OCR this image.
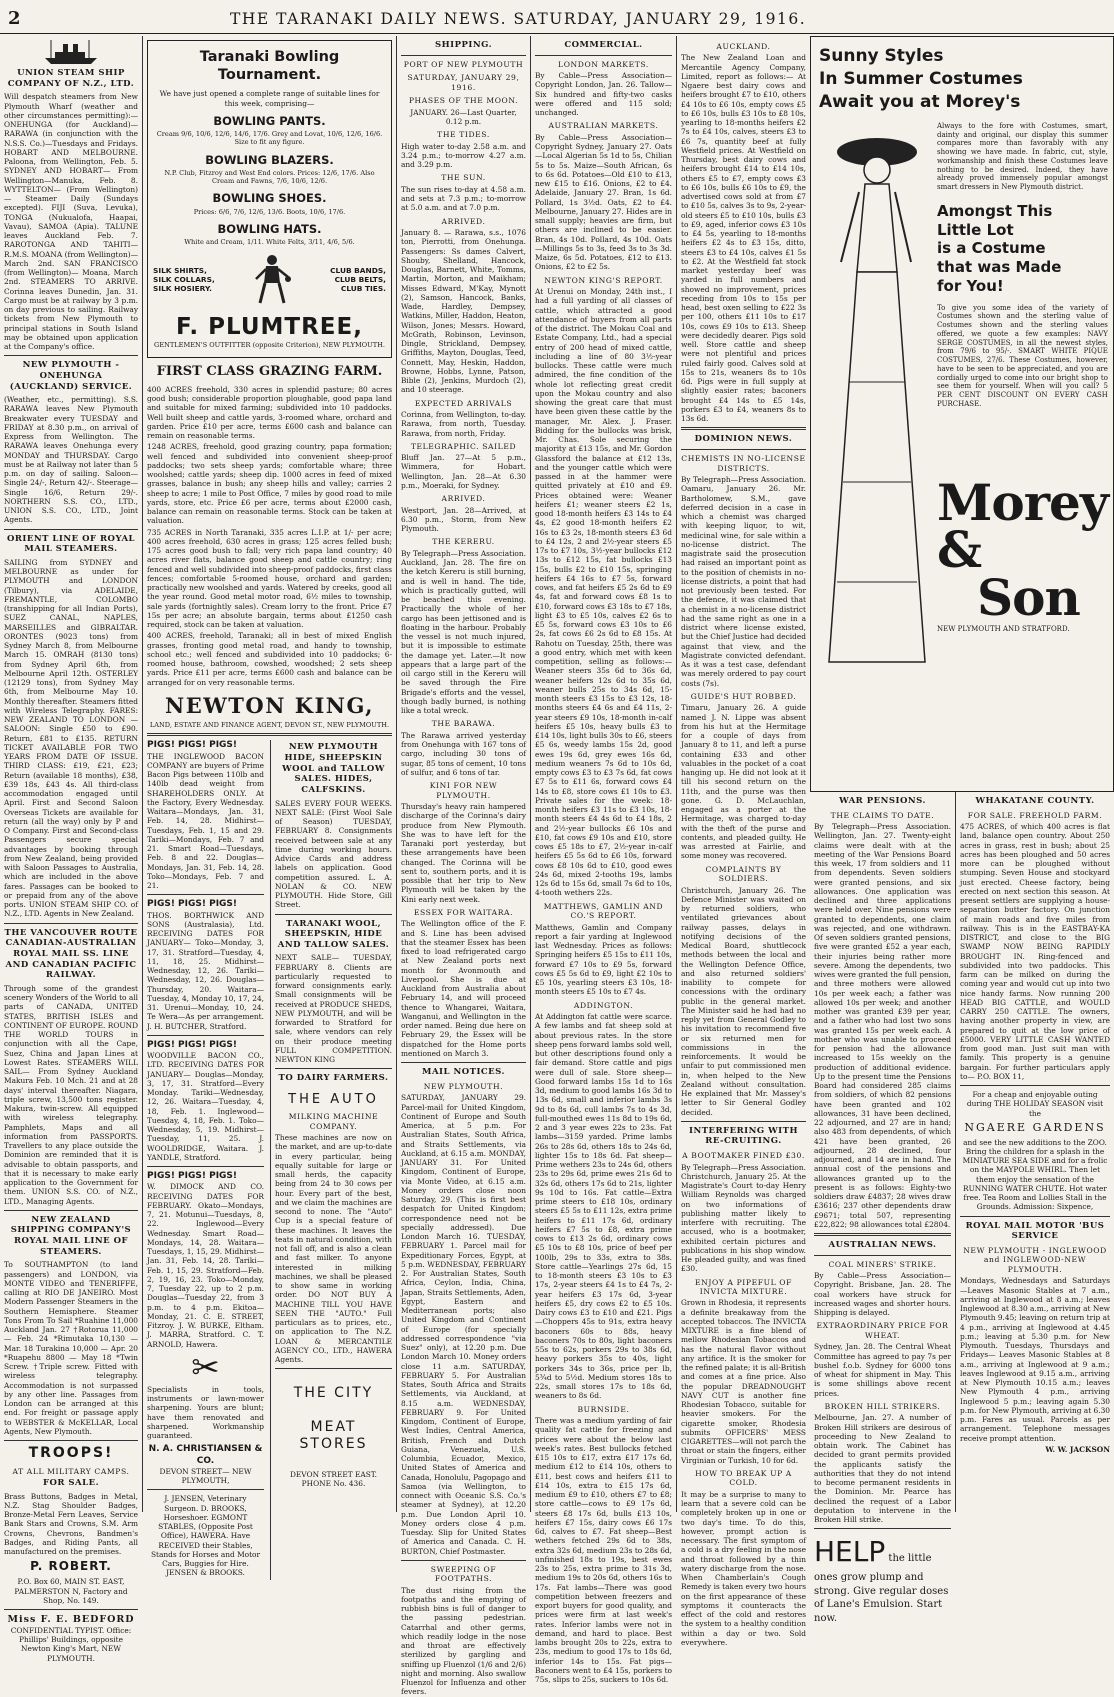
2	THE TARANAKI DAILY NEWS. SATURDAY, JANUARY 29, 1916.
UNION STEAM SHIP COMPANY OF N.Z., LTD.

Will despatch steamers from New Plymouth Wharf (weather and other circumstances permitting):— ONEHUNGA (for Auckland)— RARAWA (in conjunction with the N.S.S. Co.)—Tuesdays and Fridays. HOBART AND MELBOURNE. Paloona, from Wellington, Feb. 5. SYDNEY AND HOBART— From Wellington—Manuka, Feb. 8. WYTTELTON— (From Wellington)— Steamer Daily (Sundays excepted). FIJI (Suva, Levuka), TONGA (Nukualofa, Haapai, Vavau), SAMOA (Apia). TALUNE leaves Auckland Feb. 7. RAROTONGA AND TAHITI— R.M.S. MOANA (from Wellington)— March 2nd. SAN FRANCISCO (from Wellington)— Moana, March 2nd. STEAMERS TO ARRIVE. Corinna leaves Dunedin, Jan. 31. Cargo must be at railway by 3 p.m. on day previous to sailing. Railway tickets from New Plymouth to principal stations in South Island may be obtained upon application at the Company's office.

NEW PLYMOUTH - ONEHUNGA (AUCKLAND) SERVICE.

(Weather, etc., permitting). S.S. RARAWA leaves New Plymouth Breakwater every TUESDAY and FRIDAY at 8.30 p.m., on arrival of Express from Wellington. The RARAWA leaves Onehunga every MONDAY and THURSDAY. Cargo must be at Railway not later than 5 p.m. on day of sailing. Saloon—Single 24/-, Return 42/-. Steerage—Single 16/6, Return 29/-. NORTHERN S.S. CO., LTD., UNION S.S. CO., LTD., Joint Agents.

ORIENT LINE OF ROYAL MAIL STEAMERS.

SAILING from SYDNEY and MELBOURNE as under for PLYMOUTH and LONDON (Tilbury), via ADELAIDE, FREMANTLE, COLOMBO (transhipping for all Indian Ports), SUEZ CANAL, NAPLES, MARSEILLES and GIBRALTAR. ORONTES (9023 tons) from Sydney March 8, from Melbourne March 15. OMRAH (8130 tons) from Sydney April 6th, from Melbourne April 12th. OSTERLEY (12129 tons), from Sydney May 6th, from Melbourne May 10. Monthly thereafter. Steamers fitted with Wireless Telegraphy. FARES: NEW ZEALAND TO LONDON —SALOON: Single £50 to £90. Return, £81 to £135. RETURN TICKET AVAILABLE FOR TWO YEARS FROM DATE OF ISSUE. THIRD CLASS: £19, £21, £23; Return (available 18 months), £38, £39 18s, £43 4s. All third-class accommodation engaged until April. First and Second Saloon Overseas Tickets are available for return (all the way) only by P and O Company. First and Second-class Passengers secure special advantages by booking through from New Zealand, being provided with Saloon Passages to Australia, which are included in the above fares. Passages can be booked to or prepaid from any of the above ports. UNION STEAM SHIP CO. of N.Z., LTD. Agents in New Zealand.

THE VANCOUVER ROUTE CANADIAN-AUSTRALIAN ROYAL MAIL SS. LINE AND CANADIAN PACIFIC RAILWAY.

Through some of the grandest scenery Wonders of the World to all parts of CANADA, UNITED STATES, BRITISH ISLES and CONTINENT OF EUROPE. ROUND THE WORLD TOURS in conjunction with all the Cape, Suez, China and Japan Lines at Lowest Rates. STEAMERS WILL SAIL— From Sydney Auckland Makura Feb. 10 Mch. 21 and at 28 days' interval thereafter. Niagara, triple screw, 13,500 tons register. Makura, twin-screw. All equipped with wireless telegraphy. Pamphlets, Maps and all information from PASSPORTS. Travellers to any place outside the Dominion are reminded that it is advisable to obtain passports, and that it is necessary to make early application to the Government for them. UNION S.S. CO. of N.Z., LTD., Managing Agents.

NEW ZEALAND SHIPPING COMPANY'S ROYAL MAIL LINE OF STEAMERS.

To SOUTHAMPTON (to land passengers) and LONDON, via MONTE VIDEO and TENERIFFE, calling at RIO DE JANEIRO. Most Modern Passenger Steamers in the Southern Hemisphere. Steamer Tons From To Sail *Ruahine 11,000 Auckland Jan. 27 †Rotorua 11,000 — Feb. 24 *Rimutaka 10,130 — Mar. 18 Turakina 10,000 — Apr. 20 *Ruapehu 8800 — May 18 *Twin Screw. †Triple screw. Fitted with wireless telegraphy. Accommodation is not surpassed by any other line. Passages from London can be arranged at this end. For freight or passage apply to WEBSTER & McKELLAR, Local Agents, New Plymouth.

TROOPS!
AT ALL MILITARY CAMPS.
FOR SALE.

Brass Buttons, Badges in Metal, N.Z. Stag Shoulder Badges, Bronze-Metal Fern Leaves, Service Bank Stars and Crowns, S.M. Arm Crowns, Chevrons, Bandmen's Badges, and Riding Pants, all manufactured on the premises.

P. ROBERT.

P.O. Box 60, MAIN ST. EAST, PALMERSTON N, Factory and Shop, No. 149.

Miss F. E. BEDFORD

CONFIDENTIAL TYPIST. Office: Phillips' Buildings, opposite Newton King's Mart, NEW PLYMOUTH.

Taranaki Bowling Tournament.

We have just opened a complete range of suitable lines for this week, comprising—

BOWLING PANTS.

Cream 9/6, 10/6, 12/6, 14/6, 17/6. Grey and Lovat, 10/6, 12/6, 16/6. Size to fit any figure.

BOWLING BLAZERS.

N.P. Club, Fitzroy and West End colors. Prices: 12/6, 17/6. Also Cream and Fawns, 7/6, 10/6, 12/6.

BOWLING SHOES.

Prices: 6/6, 7/6, 12/6, 13/6. Boots, 10/6, 17/6.

BOWLING HATS.

White and Cream, 1/11. White Felts, 3/11, 4/6, 5/6.

SILK SHIRTS,
SILK COLLARS,
SILK HOSIERY.
CLUB BANDS,
CLUB BELTS,
CLUB TIES.
F. PLUMTREE,

GENTLEMEN'S OUTFITTER (opposite Criterion), NEW PLYMOUTH.

FIRST CLASS GRAZING FARM.

400 ACRES freehold, 330 acres in splendid pasture; 80 acres good bush; considerable proportion ploughable, good papa land and suitable for mixed farming; subdivided into 10 paddocks. Well built sheep and cattle yards, 3-roomed whare, orchard and garden. Price £10 per acre, terms £600 cash and balance can remain on reasonable terms.

1248 ACRES, freehold, good grazing country, papa formation; well fenced and subdivided into convenient sheep-proof paddocks; two sets sheep yards; comfortable whare; three woolshed; cattle yards; sheep dip. 1000 acres in feed of mixed grasses, balance in bush; any sheep hills and valley; carries 2 sheep to acre; 1 mile to Post Office, 7 miles by good road to mile yards, store, etc. Price £6 per acre, terms about £2000 cash, balance can remain on reasonable terms. Stock can be taken at valuation.

735 ACRES in North Taranaki, 335 acres L.I.P. at 1/- per acre; 400 acres freehold, 630 acres in grass; 125 acres felled bush; 175 acres good bush to fall; very rich papa land country; 40 acres river flats, balance good sheep and cattle country; ring fenced and well subdivided into sheep-proof paddocks, first class fences; comfortable 5-roomed house, orchard and garden; practically new woolshed and yards. Watered by creeks, good all the year round. Good metal motor road, 6½ miles to township, sale yards (fortnightly sales). Cream lorry to the front. Price £7 15s per acre; an absolute bargain, terms about £1250 cash required, stock can be taken at valuation.

400 ACRES, freehold, Taranaki; all in best of mixed English grasses, fronting good metal road, and handy to township, school etc.; well fenced and subdivided into 10 paddocks; 6-roomed house, bathroom, cowshed, woodshed; 2 sets sheep yards. Price £11 per acre, terms £600 cash and balance can be arranged for on very reasonable terms.

NEWTON KING,

LAND, ESTATE AND FINANCE AGENT, DEVON ST., NEW PLYMOUTH.

PIGS! PIGS! PIGS!

THE INGLEWOOD BACON COMPANY are buyers of Prime Bacon Pigs between 110lb and 140lb dead weight from SHAREHOLDERS ONLY. At the Factory, Every Wednesday. Waitara—Mondays, Jan. 31, Feb. 14, 28. Midhirst—Tuesdays, Feb. 1, 15 and 29. Tariki—Mondays, Feb. 7 and 21. Smart Road—Tuesdays, Feb. 8 and 22. Douglas—Mondays, Jan. 31, Feb. 14, 28. Toko—Mondays, Feb. 7 and 21.

PIGS! PIGS! PIGS!

THOS. BORTHWICK AND SONS (Australasia), Ltd. RECEIVING DATES FOR JANUARY— Toko—Monday, 3, 17, 31. Stratford—Tuesday, 4, 11, 18, 25. Midhirst—Wednesday, 12, 26. Tariki—Wednesday, 12, 26. Douglas—Thursday, 20. Waitara—Tuesday, 4, Monday 10, 17, 24, 31. Urenui—Monday, 10, 24. Te Wera—As per arrangement. J. H. BUTCHER, Stratford.

PIGS! PIGS! PIGS!

WOODVILLE BACON CO., LTD. RECEIVING DATES FOR JANUARY— Douglas—Monday, 3, 17, 31. Stratford—Every Monday. Tariki—Wednesday, 12, 26. Waitara—Tuesday, 4, 18, Feb. 1. Inglewood—Tuesday, 4, 18, Feb. 1. Toko—Wednesday, 5, 19. Midhirst—Tuesday, 11, 25. J. WOOLDRIDGE, Waitara. J. YANDLE, Stratford.

PIGS! PIGS! PIGS!

W. DIMOCK AND CO. RECEIVING DATES FOR FEBRUARY. Okato—Mondays, 7, 21. Motunui—Tuesdays, 8, 22. Inglewood—Every Wednesday. Smart Road—Mondays, 14, 28. Waitara—Tuesdays, 1, 15, 29. Midhirst—Jan. 31, Feb. 14, 28. Tariki—Feb. 1, 15, 29. Stratford—Feb. 2, 19, 16, 23. Toko—Monday, 7, Tuesday 22, up to 2 p.m. Douglas—Tuesday 22, from 3 p.m. to 4 p.m. Ekitoa—Monday, 21. C. E. STREET, Fitzroy. J. W. BURKE, Eltham. J. MARRA, Stratford. C. T. ARNOLD, Hawera.

✂

Specialists in tools, instruments or lawn-mower sharpening. Yours are blunt; have them renovated and sharpened. Workmanship guaranteed.

N. A. CHRISTIANSEN & CO.

DEVON STREET— NEW PLYMOUTH,

J. JENSEN, Veterinary Surgeon. D. BROOKS, Horseshoer. EGMONT STABLES, (Opposite Post Office), HAWERA. Have RECEIVED their Stables, Stands for Horses and Motor Cars, Buggies for Hire. JENSEN & BROOKS.

NEW PLYMOUTH HIDE, SHEEPSKIN WOOL and TALLOW SALES. HIDES, CALFSKINS.

SALES EVERY FOUR WEEKS. NEXT SALE: (First Wool Sale of Season) TUESDAY, FEBRUARY 8. Consignments received between sale at any time during working hours. Advice Cards and address labels on application. Good competition assured. L. A. NOLAN & CO. NEW PLYMOUTH. Hide Store, Gill Street.

TARANAKI WOOL, SHEEPSKIN, HIDE AND TALLOW SALES.

NEXT SALE— TUESDAY, FEBRUARY 8. Clients are particularly requested to forward consignments early. Small consignments will be received at PRODUCE SHEDS, NEW PLYMOUTH, and will be forwarded to Stratford for sale, where vendors can rely on their produce meeting FULL COMPETITION. NEWTON KING

TO DAIRY FARMERS.
THE AUTO
MILKING MACHINE COMPANY.

These machines are now on the market, and are up-to-date in every particular, being equally suitable for large or small herds, the capacity being from 24 to 30 cows per hour. Every part of the best, and we claim the machines are second to none. The "Auto" Cup is a special feature of these machines. It leaves the teats in natural condition, with not fall off, and is also a clean and fast milker. To anyone interested in milking machines, we shall be pleased to show same in working order. DO NOT BUY A MACHINE TILL YOU HAVE SEEN THE "AUTO." Full particulars as to prices, etc., on application to The N.Z. LOAN & MERCANTILE AGENCY CO., LTD., HAWERA Agents.

THE CITY
MEAT STORES

DEVON STREET EAST. PHONE No. 436.

SHIPPING.
PORT OF NEW PLYMOUTH
SATURDAY, JANUARY 29, 1916.
PHASES OF THE MOON.

JANUARY. 26—Last Quarter, 0.12 p.m.

THE TIDES.

High water to-day 2.58 a.m. and 3.24 p.m.; to-morrow 4.27 a.m. and 3.29 p.m.

THE SUN.

The sun rises to-day at 4.58 a.m. and sets at 7.3 p.m.; to-morrow at 5.0 a.m. and at 7.0 p.m.

ARRIVED.

January 8. — Rarawa, s.s., 1076 ton, Pierrotti, from Onehunga. Passengers: Ss dames Calvert, Shouby, Shelland, Hancock, Douglas, Barnett, White, Tomms, Martin, Morton, and Maikham; Misses Edward, M'Kay, Mynott (2), Samson, Hancock, Banks, Wade, Hardley, Dempsey, Watkins, Miller, Haddon, Heaton, Wilson, Jones; Messrs. Howard, McGrath, Robinson, Levinson, Dingle, Strickland, Dempsey, Griffiths, Mayton, Douglas, Teed, Connett, May, Heskin, Haddon, Browne, Hobbs, Lynne, Patson, Bible (2), Jenkins, Murdoch (2), and 10 steerage.

EXPECTED ARRIVALS

Corinna, from Wellington, to-day. Rarawa, from north, Tuesday. Rarawa, from north, Friday.

TELEGRAPHIC. SAILED

Bluff Jan. 27—At 5 p.m., Wimmera, for Hobart. Wellington, Jan. 28—At 6.30 p.m., Moeraki, for Sydney.

ARRIVED.

Westport, Jan. 28—Arrived, at 6.30 p.m., Storm, from New Plymouth.

THE KERERU.

By Telegraph—Press Association. Auckland, Jan. 28. The fire on the ketch Kereru is still burning, and is well in hand. The tide, which is practically gutted, will be beached this evening. Practically the whole of her cargo has been jettisoned and is floating in the harbour. Probably the vessel is not much injured, but it is impossible to estimate the damage yet. Later.—It now appears that a large part of the oil cargo still in the Kereru will be saved through the Fire Brigade's efforts and the vessel, though badly burned, is nothing like a total wreck.

THE BARAWA.

The Rarawa arrived yesterday from Onehunga with 167 tons of cargo, including 30 tons of sugar, 85 tons of cement, 10 tons of sulfur, and 6 tons of tar.

KINI FOR NEW PLYMOUTH.

Thursday's heavy rain hampered discharge of the Corinna's dairy produce from New Plymouth. She was to have left for the Taranaki port yesterday, but these arrangements have been changed. The Corinna will be sent to, southern ports, and it is possible that her trip to New Plymouth will be taken by the Kini early next week.

ESSEX FOR WAITARA.

The Wellington office of the F. and S. Line has been advised that the steamer Essex has been fixed to load refrigerated cargo at New Zealand ports next month for Avonmouth and Liverpool. She is due at Auckland from Australia about February 14, and will proceed thence to Whangarei, Waitara, Wanganui, and Wellington in the order named. Being due here on February 29, the Essex will be dispatched for the Home ports mentioned on March 3.

MAIL NOTICES.
NEW PLYMOUTH.

SATURDAY, JANUARY 29. Parcel-mail for United Kingdom, Continent of Europe and South America, at 5 p.m. For Australian States, South Africa, and Straits Settlements, via Auckland, at 6.15 a.m. MONDAY, JANUARY 31. For United Kingdom, Continent of Europe, via Monte Video, at 6.15 a.m. Money orders close noon Saturday, 29. (This is first best despatch for United Kingdom; correspondence need not be specially addressed). Due London March 16. TUESDAY, FEBRUARY 1. Parcel mail for Expeditionary Forces, Egypt, at 5 p.m. WEDNESDAY, FEBRUARY 2. For Australian States, South Africa, Ceylon, India, China, Japan, Straits Settlements, Aden, Egypt, Eastern and Mediterranean ports; also United Kingdom and Continent of Europe (for specially addressed correspondence "via Suez" only), at 12.20 p.m. Due London March 10. Money orders close 11 a.m. SATURDAY, FEBRUARY 5. For Australian States, South Africa and Straits Settlements, via Auckland, at 8.15 a.m. WEDNESDAY, FEBRUARY 9. For United Kingdom, Continent of Europe, West Indies, Central America, British, French and Dutch Guiana, Venezuela, U.S. Columbia, Ecuador, Mexico, United States of America and Canada, Honolulu, Pagopago and Samoa (via Wellington, to connect with Oceanic S.S. Co.'s steamer at Sydney), at 12.20 p.m. Due London April 10. Money orders close 4 p.m. Tuesday. Slip for United States of America and Canada. C. H. BURTON, Chief Postmaster.

SWEEPING OF FOOTPATHS.

The dust rising from the footpaths and the emptying of rubbish bins is full of danger to the passing pedestrian. Catarrhal and other germs, which readily lodge in the nose and throat are effectively sterilized by gargling and sniffing up Fluenzol (1/6 and 2/6) night and morning. Also swallow Fluenzol for Influenza and other fevers.

COMMERCIAL.
LONDON MARKETS.

By Cable—Press Association—Copyright London, Jan. 26. Tallow—Six hundred and fifty-two casks were offered and 115 sold; unchanged.

AUSTRALIAN MARKETS.

By Cable—Press Association—Copyright Sydney, January 27. Oats—Local Algerian 5s 1d to 5s, Chilian 5s to 5s. Maize—South African, 6s to 6s 6d. Potatoes—Old £10 to £13, new £15 to £16. Onions, £2 to £4. Adelaide, January 27. Bran, 1s 6d. Pollard, 1s 3½d. Oats, £2 to £4. Melbourne, January 27. Hides are in small supply; heavies are firm, but others are inclined to be easier. Bran, 4s 10d. Pollard, 4s 10d. Oats—Millings 5s to 3s, feed 3s to 3s 3d. Maize, 6s 5d. Potatoes, £12 to £13. Onions, £2 to £2 5s.

NEWTON KING'S REPORT.

At Urenui on Monday, 24th inst., I had a full yarding of all classes of cattle, which attracted a good attendance of buyers from all parts of the district. The Mokau Coal and Estate Company, Ltd., had a special entry of 200 head of mixed cattle, including a line of 80 3½-year bullocks. These cattle were much admired, the fine condition of the whole lot reflecting great credit upon the Mokau country and also showing the great care that must have been given these cattle by the manager, Mr. Alex. J. Fraser. Bidding for the bullocks was brisk, Mr. Chas. Sole securing the majority at £13 15s, and Mr. Gordon Glassford the balance at £12 13s, and the younger cattle which were passed in at the hammer were quitted privately at £10 and £9. Prices obtained were: Weaner heifers £1; weaner steers £2 1s, good 18-month heifers £3 14s to £4 4s, £2 good 18-month heifers £2 16s to £3 2s, 18-month steers £3 6d to £4 12s, 2 and 2½-year steers £5 17s to £7 10s, 3½-year bullocks £12 13s to £12 15s, fat bullocks £13 15s, bulls £2 to £10 15s, springing heifers £4 16s to £7 5s, forward cows, and fat heifers £5 2s 6d to £9 4s, fat and forward cows £8 1s to £10, forward cows £3 18s to £7 18s, light £3 to £5 10s, calves £2 6s to £5 5s, forward cows £3 10s to £6 2s, fat cows £6 2s 6d to £8 15s. At Rahotu on Tuesday, 25th, there was a good entry, which met with keen competition, selling as follows:—Weaner steers 35s 6d to 36s 6d, weaner heifers 12s 6d to 35s 6d, weaner bulls 25s to 34s 6d, 15-month steers £3 15s to £3 12s, 18-months steers £4 6s and £4 11s, 2-year steers £9 10s, 18-month in-calf heifers £5 10s, heavy bulls £3 to £14 10s, light bulls 30s to £6, steers £5 6s, weedy lambs 15s 2d, good ewes 19s 6d, grey ewes 16s 6d, medium weaners 7s 6d to 10s 6d, empty cows £3 to £3 7s 6d, fat cows £7 5s to £11 6s, forward cows £4 14s to £8, store cows £1 10s to £3. Private sales for the week: 18-month heifers £3 11s to £3 10s, 18-month steers £4 4s 6d to £4 18s, 2 and 2½-year bullocks £6 10s and £10, fat cows £9 10s and £10, store cows £5 18s to £7, 2½-year in-calf heifers £5 5s 6d to £6 10s, forward cows £8 10s 6d to £10, good ewes 24s 6d, mixed 2-tooths 19s, lambs 12s 6d to 15s 6d, small 7s 6d to 10s, 4-tooth wethers 22s.

MATTHEWS, GAMLIN AND CO.'S REPORT.

Matthews, Gamlin and Company report a fair yarding at Inglewood last Wednesday. Prices as follows: Springing heifers £5 15s to £11 10s, forward £7 10s to £9 5s, forward cows £5 5s 6d to £9, light £2 10s to £5 10s, yearling steers £3 10s, 18-month steers £5 10s to £7 4s.

ADDINGTON.

At Addington fat cattle were scarce. A few lambs and fat sheep sold at about previous rates. In the store sheep pens forward lambs sold well, but other descriptions found only a fair demand. Store cattle and pigs were dull of sale. Store sheep—Good forward lambs 15s 1d to 16s 3d, medium to good lambs 16s 3d to 13s 6d, small and inferior lambs 3s 9d to 8s 6d, cull lambs 7s to 4s 3d, full-mouthed ewes 11s 8d to 19s 6d, 2 and 3 year ewes 22s to 23s. Fat lambs—3159 yarded. Prime lambs 26s to 28s 6d, others 18s to 24s 6d, lighter 15s to 18s 6d. Fat sheep—Prime wethers 23s to 24s 6d, others 23s to 29s 6d, prime ewes 21s 6d to 32s 6d, others 17s 6d to 21s, lighter 9s 10d to 16s. Fat cattle—Extra prime steers to £18 10s, ordinary steers £5 5s to £11 12s, extra prime heifers to £11 17s 6d, ordinary heifers £7 5s to £8, extra prime cows to £13 2s 6d, ordinary cows £5 10s to £8 10s, price of beef per 100lb, 29s to 33s, extra to 38s. Store cattle—Yearlings 27s 6d, 15 to 18-month steers £3 10s to £3 17s, 2-year steers £4 1s to £4 7s, 2-year heifers £3 17s 6d, 3-year heifers £5, dry cows £2 to £5 10s. Dairy cows £3 to £10 and £21. Pigs—Choppers 45s to 91s, extra heavy baconers 60s to 88s, heavy baconers 70s to 80s, light baconers 55s to 62s, porkers 29s to 38s 6d, heavy porkers 35s to 40s, light porkers 34s to 36s, price per lb, 5¾d to 5½d. Medium stores 18s to 22s, small stores 17s to 18s 6d, weaners to 8s 6d.

BURNSIDE.

There was a medium yarding of fair quality fat cattle for freezing and prices were about the below last week's rates. Best bullocks fetched £15 10s to £17, extra £17 17s 6d, medium £12 to £14 10s, others to £11, best cows and heifers £11 to £14 10s, extra to £15 17s 6d, medium £9 to £10, others £7 to £8; store cattle—cows to £9 17s 6d, steers £8 17s 6d, bulls £13 10s, heifers £7 15s, dairy cows £6 17s 6d, calves to £7. Fat sheep—Best wethers fetched 29s 6d to 38s, extra 32s 6d, medium 23s to 28s 6d, unfinished 18s to 19s, best ewes 23s to 25s, extra prime to 31s 3d, medium 19s to 20s 6d, others 16s to 17s. Fat lambs—There was good competition between freezers and export buyers for good quality, and prices were firm at last week's rates. Inferior lambs were not in demand, and hard to place. Best lambs brought 20s to 22s, extra to 23s, medium to good 17s to 18s 6d, inferior 14s to 15s. Fat pigs—Baconers went to £4 15s, porkers to 75s, slips to 25s, suckers to 10s 6d.

AUCKLAND.

The New Zealand Loan and Mercantile Agency Company, Limited, report as follows:— At Ngaere best dairy cows and heifers brought £7 to £10, others £4 10s to £6 10s, empty cows £5 to £6 10s, bulls £3 10s to £8 10s, yearling to 18-months heifers £2 7s to £4 10s, calves, steers £3 to £6 7s, quantity beef at fully Westfield prices. At Westfield on Thursday, best dairy cows and heifers brought £14 to £14 10s, others £5 to £7, empty cows £3 to £6 10s, bulls £6 10s to £9, the advertised cows sold at from £7 to £10 5s, calves 3s to 9s, 2-year-old steers £5 to £10 10s, bulls £3 to £9, aged, inferior cows £3 10s to £4 5s, yearling to 18-months heifers £2 4s to £3 15s, ditto, steers £3 to £4 10s, calves £1 5s to £2. At the Westfield fat stock market yesterday beef was yarded in full numbers and showed no improvement, prices receding from 10s to 15s per head, best oxen selling to £22 3s per 100, others £11 10s to £17 10s, cows £9 10s to £13. Sheep were decidedly dearer. Pigs sold well. Store cattle and sheep were not plentiful and prices ruled fairly good. Calves sold at 15s to 21s, weaners 8s to 10s 6d. Pigs were in full supply at slightly easier rates; baconers brought £4 14s to £5 14s, porkers £3 to £4, weaners 8s to 13s 6d.

DOMINION NEWS.
CHEMISTS IN NO-LICENSE DISTRICTS.

By Telegraph—Press Association. Oamaru, January 26. Mr. Bartholomew, S.M., gave deferred decision in a case in which a chemist was charged with keeping liquor, to wit, medicinal wine, for sale within a no-license district. The magistrate said the prosecution had raised an important point as to the position of chemists in no-license districts, a point that had not previously been tested. For the defence, it was claimed that a chemist in a no-license district had the same right as one in a district where license existed, but the Chief Justice had decided against that view, and the Magistrate convicted defendant. As it was a test case, defendant was merely ordered to pay court costs (7s).

GUIDE'S HUT ROBBED.

Timaru, January 26. A guide named J. N. Lippe was absent from his hut at the Hermitage for a couple of days from January 8 to 11, and left a purse containing £33 and other valuables in the pocket of a coat hanging up. He did not look at it till his second return on the 11th, and the purse was then gone. G. D. McLauchlan, engaged as a porter at the Hermitage, was charged to-day with the theft of the purse and contents, and pleaded guilty. He was arrested at Fairlie, and some money was recovered.

COMPLAINTS BY SOLDIERS.

Christchurch, January 26. The Defence Minister was waited on by returned soldiers, who ventilated grievances about railway passes, delays in notifying decisions of the Medical Board, shuttlecock methods between the local and the Wellington Defence Office, and also returned soldiers' inability to compete for concessions with the ordinary public in the general market. The Minister said he had had no reply yet from General Godley to his invitation to recommend five or six returned men for commissions in the reinforcements. It would be unfair to put commissioned men in, when helped to the New Zealand without consultation. He explained that Mr. Massey's letter to Sir General Godley decided.

INTERFERING WITH RE-CRUITING.
A BOOTMAKER FINED £30.

By Telegraph—Press Association. Christchurch, January 25. At the Magistrate's Court to-day Henry William Reynolds was charged on two informations of publishing matter likely to interfere with recruiting. The accused, who is a bootmaker, exhibited certain pictures and publications in his shop window. He pleaded guilty, and was fined £30.

ENJOY A PIPEFUL OF INVICTA MIXTURE.

Grown in Rhodesia, it represents a definite breakaway from the accepted tobaccos. The INVICTA MIXTURE is a fine blend of mellow Rhodesian Tobaccos and has the natural flavor without any artifice. It is the smoker for the refined palate; it is all-British and comes at a fine price. Also the popular DREADNOUGHT NAVY CUT is another fine Rhodesian Tobacco, suitable for heavier smokers. For the cigarette smoker, Rhodesia submits OFFICERS' MESS CIGARETTES—will not parch the throat or stain the fingers, either Virginian or Turkish, 10 for 6d.

HOW TO BREAK UP A COLD.

It may be a surprise to many to learn that a severe cold can be completely broken up in one or two day's time. To do this, however, prompt action is necessary. The first symptom of a cold is a dry feeling in the nose and throat followed by a thin watery discharge from the nose. When Chamberlain's Cough Remedy is taken every two hours on the first appearance of these symptoms it counteracts the effect of the cold and restores the system to a healthy condition within a day or two. Sold everywhere.

Sunny Styles
In Summer Costumes
Await you at Morey's

Always to the fore with Costumes, smart, dainty and original, our display this summer compares more than favorably with any showing we have made. In fabric, cut, style, workmanship and finish these Costumes leave nothing to be desired. Indeed, they have already proved immensely popular amongst smart dressers in New Plymouth district.

Amongst This
Little Lot
is a Costume
that was Made
for You!

To give you some idea of the variety of Costumes shown and the sterling value of Costumes shown and the sterling values offered, we quote a few examples: NAVY SERGE COSTUMES, in all the newest styles, from 79/6 to 95/-. SMART WHITE PIQUE COSTUMES, 27/6. These Costumes, however, have to be seen to be appreciated, and you are cordially urged to come into our bright shop to see them for yourself. When will you call? 5 PER CENT DISCOUNT ON EVERY CASH PURCHASE.

Morey &
Son

NEW PLYMOUTH AND STRATFORD.

WAR PENSIONS.
THE CLAIMS TO DATE.

By Telegraph—Press Association. Wellington, Jan. 27. Twenty-eight claims were dealt with at the meeting of the War Pensions Board this week, 17 from soldiers and 11 from dependents. Seven soldiers were granted pensions, and six allowances. One application was declined and three applications were held over. Nine pensions were granted to dependents, one claim was rejected, and one withdrawn. Of seven soldiers granted pensions, five were granted £52 a year each, their injuries being rather more severe. Among the dependents, two wives were granted the full pension, and three mothers were allowed 10s per week each; a father was allowed 10s per week; and another mother was granted £39 per year, and a father who had lost two sons was granted 15s per week each. A mother who was unable to proceed for pension had the allowance increased to 15s weekly on the production of additional evidence. Up to the present time the Pensions Board had considered 285 claims from soldiers, of which 82 pensions have been granted and 102 allowances, 31 have been declined, 22 adjourned, and 27 are in hand; also 483 from dependents, of which 421 have been granted, 26 adjourned, 28 declined, four adjourned, and 14 are in hand. The annual cost of the pensions and allowances granted up to the present is as follows: Eighty-two soldiers draw £4837; 28 wives draw £3616; 237 other dependents draw £9671; total 507, representing £22,822; 98 allowances total £2804.

AUSTRALIAN NEWS.
COAL MINERS' STRIKE.

By Cable—Press Association—Copyright. Brisbane, Jan. 28. The coal workers have struck for increased wages and shorter hours. Shipping is delayed.

EXTRAORDINARY PRICE FOR WHEAT.

Sydney, Jan. 28. The Central Wheat Committee has agreed to pay 7s per bushel f.o.b. Sydney for 6000 tons of wheat for shipment in May. This is some shillings above recent prices.

BROKEN HILL STRIKERS.

Melbourne, Jan. 27. A number of Broken Hill strikers are desirous of proceeding to New Zealand to obtain work. The Cabinet has decided to grant permits provided the applicants satisfy the authorities that they do not intend to become permanent residents in the Dominion. Mr. Pearce has declined the request of a Labor deputation to intervene in the Broken Hill strike.

HELP the little ones grow plump and strong. Give regular doses of Lane's Emulsion. Start now.
WHAKATANE COUNTY.
FOR SALE. FREEHOLD FARM.

475 ACRES, of which 400 acres is flat land, balance open country. About 250 acres in grass, rest in bush; about 25 acres has been ploughed and 50 acres more can be ploughed without stumping. Seven House and stockyard just erected. Cheese factory, being erected on next section this season. At present settlers are supplying a house-separation butter factory. On junction of main roads and five miles from railway. This is in the EASTBAY-KA DISTRICT, and close to the BIG SWAMP NOW BEING RAPIDLY BROUGHT IN. Ring-fenced and subdivided into two paddocks. This farm can be milked on during the coming year and would cut up into two nice handy farms. Now running 200 HEAD BIG CATTLE, and WOULD CARRY 250 CATTLE. The owners, having another property in view, are prepared to quit at the low price of £5000. VERY LITTLE CASH WANTED from good man. Just suit man with family. This property is a genuine bargain. For further particulars apply to— P.O. BOX 11,

For a cheap and enjoyable outing during THE HOLIDAY SEASON visit the

NGAERE GARDENS

and see the new additions to the ZOO. Bring the children for a splash in the MINIATURE SEA SIDE and for a frolic on the MAYPOLE WHIRL. Then let them enjoy the sensation of the RUNNING WATER CHUTE. Hot water free. Tea Room and Lollies Stall in the Grounds. Admission: Sixpence,

ROYAL MAIL MOTOR 'BUS SERVICE
NEW PLYMOUTH - INGLEWOOD and INGLEWOOD-NEW PLYMOUTH.

Mondays, Wednesdays and Saturdays —Leaves Masonic Stables at 7 a.m., arriving at Inglewood at 8 a.m.; leaves Inglewood at 8.30 a.m., arriving at New Plymouth 9.45; leaving on return trip at 4 p.m., arriving at Inglewood at 4.45 p.m.; leaving at 5.30 p.m. for New Plymouth. Tuesdays, Thursdays and Fridays— Leaves Masonic Stables at 8 a.m., arriving at Inglewood at 9 a.m.; leaves Inglewood at 9.15 a.m., arriving at New Plymouth 10.15 a.m.; leaves New Plymouth 4 p.m., arriving Inglewood 5 p.m.; leaving again 5.30 p.m. for New Plymouth, arriving at 6.30 p.m. Fares as usual. Parcels as per arrangement. Telephone messages receive prompt attention.

W. W. JACKSON
